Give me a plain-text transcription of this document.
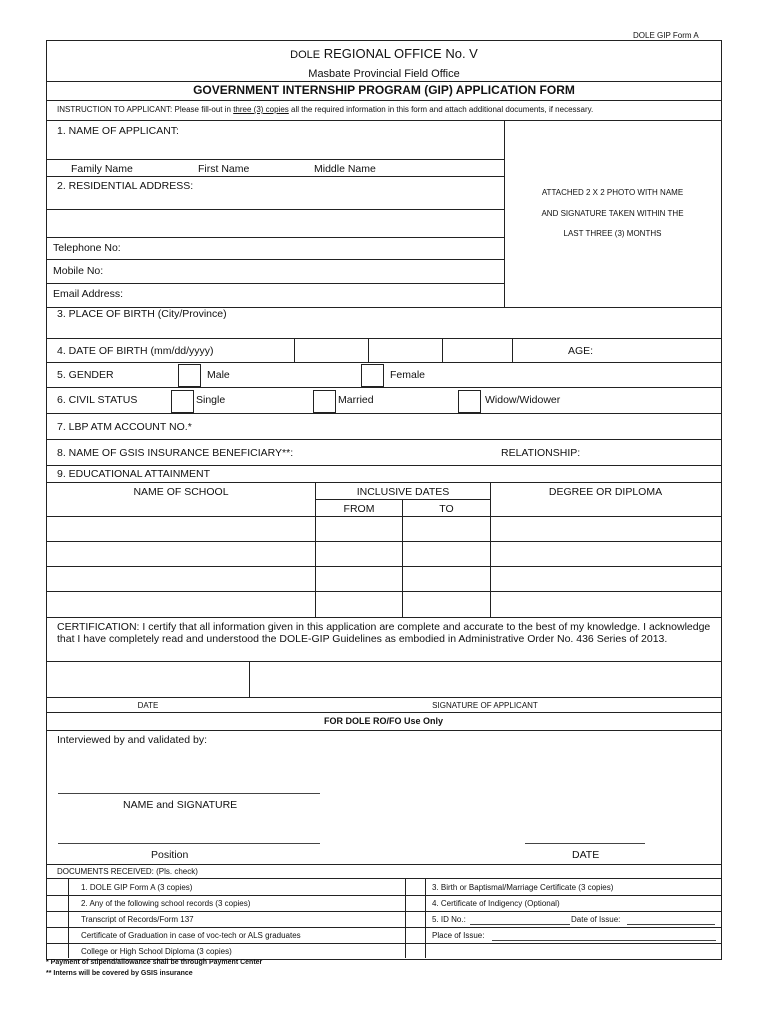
DOLE GIP Form A
DOLE REGIONAL OFFICE No. V
Masbate Provincial Field Office
GOVERNMENT INTERNSHIP PROGRAM (GIP) APPLICATION FORM
INSTRUCTION TO APPLICANT: Please fill-out in three (3) copies all the required information in this form and attach additional documents, if necessary.
ATTACHED 2 X 2 PHOTO WITH NAME
AND SIGNATURE TAKEN WITHIN THE
LAST THREE (3) MONTHS
1. NAME OF APPLICANT:
Family Name	First Name	Middle Name
2. RESIDENTIAL ADDRESS:
Telephone No:
Mobile No:
Email Address:
3. PLACE OF BIRTH (City/Province)
4. DATE OF BIRTH (mm/dd/yyyy)	AGE:
5. GENDER	Male	Female
6. CIVIL STATUS	Single	Married	Widow/Widower
7. LBP ATM ACCOUNT NO.*
8. NAME OF GSIS INSURANCE BENEFICIARY**:	RELATIONSHIP:
9. EDUCATIONAL ATTAINMENT
NAME OF SCHOOL	INCLUSIVE DATES	DEGREE OR DIPLOMA
FROM	TO
CERTIFICATION: I certify that all information given in this application are complete and accurate to the best of my knowledge. I acknowledge
that I have completely read and understood the DOLE-GIP Guidelines as embodied in Administrative Order No. 436 Series of 2013.
DATE	SIGNATURE OF APPLICANT
FOR DOLE RO/FO Use Only
Interviewed by and validated by:
NAME and SIGNATURE
Position	DATE
DOCUMENTS RECEIVED: (Pls. check)
1. DOLE GIP Form A (3 copies)
2. Any of the following school records (3 copies)
Transcript of Records/Form 137
Certificate of Graduation in case of voc-tech or ALS graduates
College or High School Diploma (3 copies)
3. Birth or Baptismal/Marriage Certificate (3 copies)
4. Certificate of Indigency (Optional)
5. ID No.:	Date of Issue:
Place of Issue:
* Payment of stipend/allowance shall be through Payment Center
** Interns will be covered by GSIS insurance
